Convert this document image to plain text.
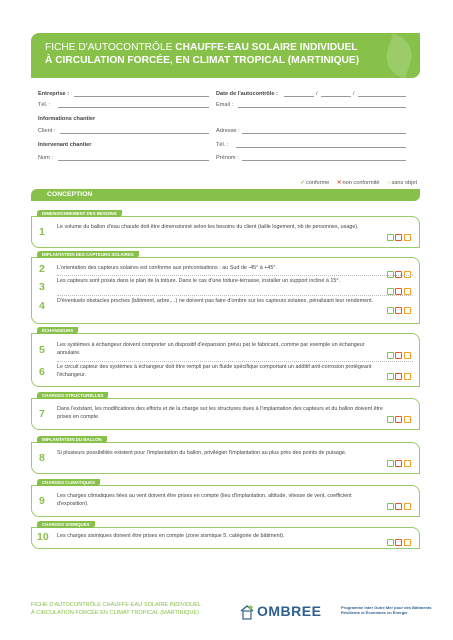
FICHE D'AUTOCONTRÔLE CHAUFFE-EAU SOLAIRE INDIVIDUEL
À CIRCULATION FORCÉE, EN CLIMAT TROPICAL (MARTINIQUE)
Entreprise :	Date de l'autocontrôle :	/	/
Tél. :	Email :
Informations chantier
Client :	Adresse :
Intervenant chantier	Tél. :
Nom :	Prénom :
✓conforme ✕non conformité ○sans objet
CONCEPTION
DIMENSIONNEMENT DES BESOINS
1 Le volume du ballon d'eau chaude doit être dimensionné selon les besoins du client (taille logement, nb de personnes, usage).
IMPLANTATION DES CAPTEURS SOLAIRES
2 L'orientation des capteurs solaires est conforme aux préconisations : au Sud de -45° à +45°.
3 Les capteurs sont posés dans le plan de la toiture. Dans le cas d'une toiture-terrasse, installer un support incliné à 15°.
4 D'éventuels obstacles proches (bâtiment, arbre,...) ne doivent pas faire d'ombre sur les capteurs solaires, pénalisant leur rendement.
ÉCHANGEURS
5 Les systèmes à échangeur doivent comporter un dispositif d'expansion prévu par le fabricant, comme par exemple un échangeur annulaire.
6 Le circuit capteur des systèmes à échangeur doit être rempli par un fluide spécifique comportant un additif anti-corrosion protégeant l'échangeur.
CHARGES STRUCTURELLES
7 Dans l'existant, les modifications des efforts et de la charge sur les structures dues à l'implantation des capteurs et du ballon doivent être prises en compte.
IMPLANTATION DU BALLON
8 Si plusieurs possibilités existent pour l'implantation du ballon, privilégier l'implantation au plus près des points de puisage.
CHARGES CLIMATIQUES
9 Les charges climatiques liées au vent doivent être prises en compte (lieu d'implantation, altitude, vitesse de vent, coefficient d'exposition).
CHARGES SISMIQUES
10 Les charges sismiques doivent être prises en compte (zone sismique 5, catégorie de bâtiment).
FICHE D'AUTOCONTRÔLE CHAUFFE-EAU SOLAIRE INDIVIDUEL
À CIRCULATION FORCÉE EN CLIMAT TROPICAL (MARTINIQUE)	OMBREE	Programme Inter Outre Mer pour des Bâtiments
Résilients et Économes en Énergie
